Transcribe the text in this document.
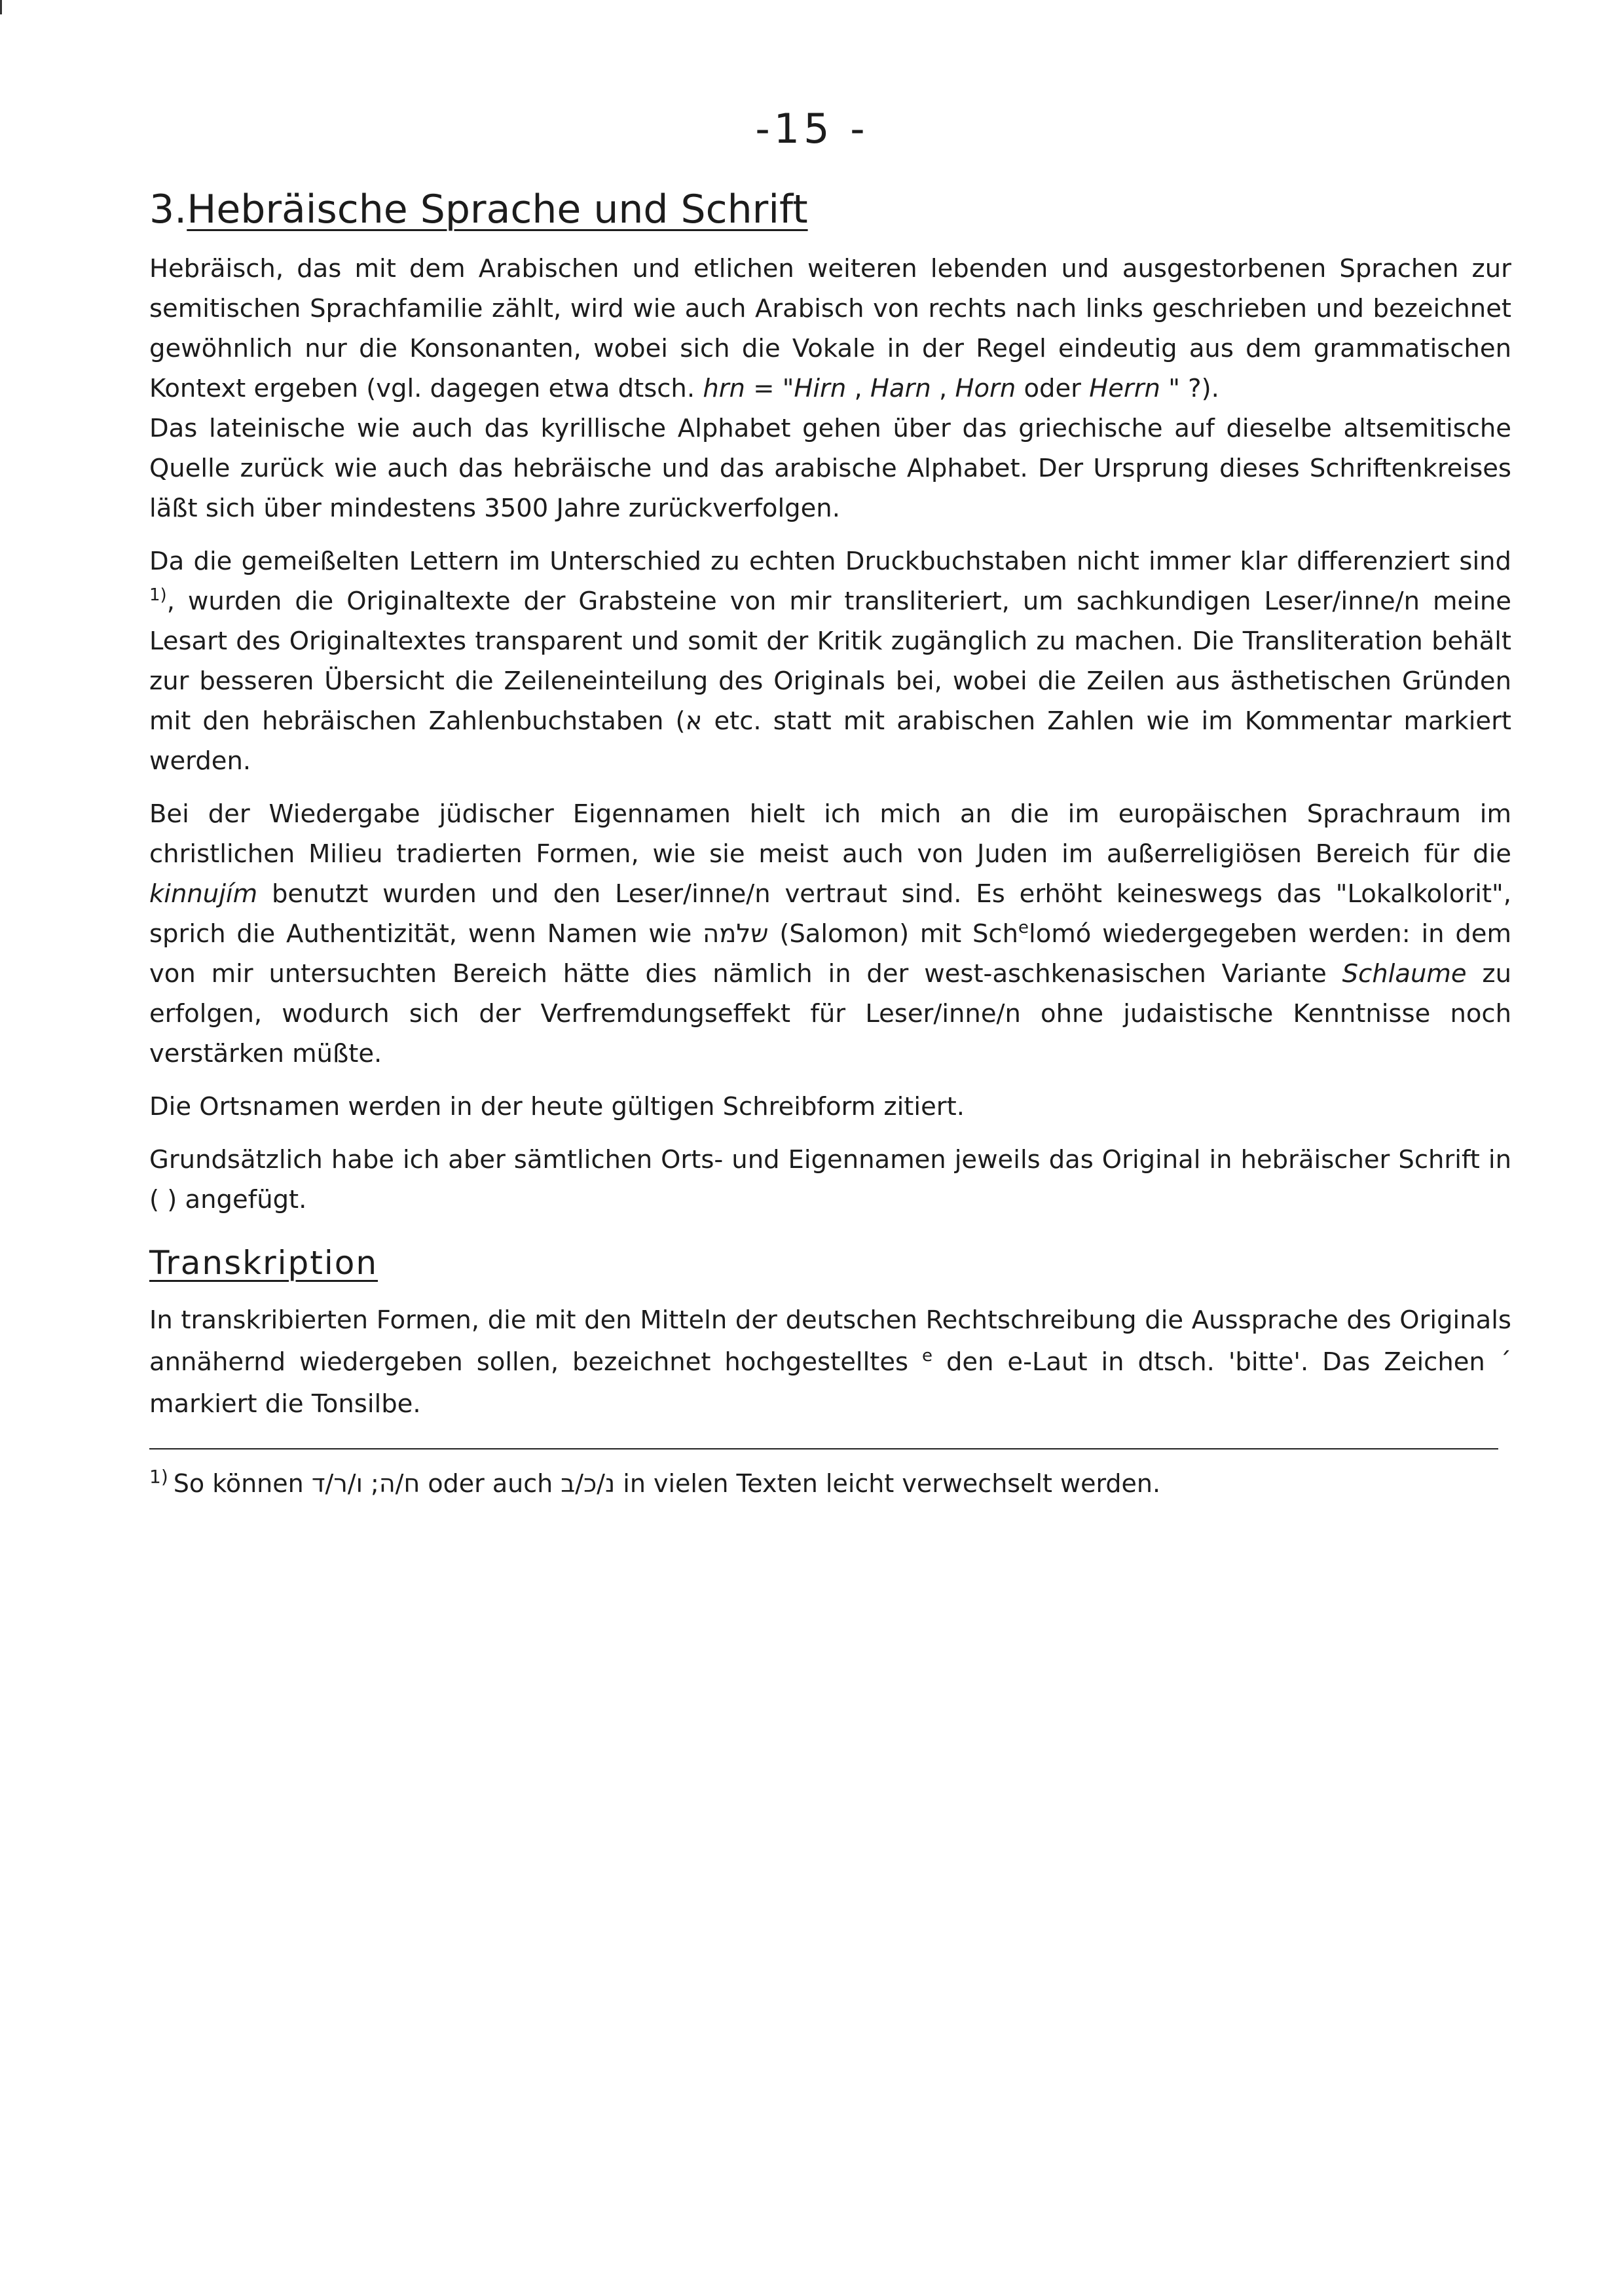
-15 -
3.Hebräische Sprache und Schrift

Hebräisch, das mit dem Arabischen und etlichen weiteren lebenden und ausgestorbenen Sprachen zur semitischen Sprachfamilie zählt, wird wie auch Arabisch von rechts nach links geschrieben und bezeichnet gewöhnlich nur die Konsonanten, wobei sich die Vokale in der Regel eindeutig aus dem grammatischen Kontext ergeben (vgl. dagegen etwa dtsch. hrn = "Hirn , Harn , Horn oder Herrn " ?).
Das lateinische wie auch das kyrillische Alphabet gehen über das griechische auf dieselbe altsemitische Quelle zurück wie auch das hebräische und das arabische Alphabet. Der Ursprung dieses Schriftenkreises läßt sich über mindestens 3500 Jahre zurückverfolgen.

Da die gemeißelten Lettern im Unterschied zu echten Druckbuchstaben nicht immer klar differenziert sind $^{1)}$, wurden die Originaltexte der Grabsteine von mir transliteriert, um sachkundigen Leser/inne/n meine Lesart des Originaltextes transparent und somit der Kritik zugänglich zu machen. Die Transliteration behält zur besseren Übersicht die Zeileneinteilung des Originals bei, wobei die Zeilen aus ästhetischen Gründen mit den hebräischen Zahlenbuchstaben (א etc. statt mit arabischen Zahlen wie im Kommentar markiert werden.

Bei der Wiedergabe jüdischer Eigennamen hielt ich mich an die im europäischen Sprachraum im christlichen Milieu tradierten Formen, wie sie meist auch von Juden im außerreligiösen Bereich für die kinnujím benutzt wurden und den Leser/inne/n vertraut sind. Es erhöht keineswegs das "Lokalkolorit", sprich die Authentizität, wenn Namen wie שלמה (Salomon) mit Sch$^e$lomó wiedergegeben werden: in dem von mir untersuchten Bereich hätte dies nämlich in der west-aschkenasischen Variante Schlaume zu erfolgen, wodurch sich der Verfremdungseffekt für Leser/inne/n ohne judaistische Kenntnisse noch verstärken müßte.

Die Ortsnamen werden in der heute gültigen Schreibform zitiert.

Grundsätzlich habe ich aber sämtlichen Orts- und Eigennamen jeweils das Original in hebräischer Schrift in ( ) angefügt.

Transkription

In transkribierten Formen, die mit den Mitteln der deutschen Rechtschreibung die Aussprache des Originals annähernd wiedergeben sollen, bezeichnet hochgestelltes $^e$ den e-Laut in dtsch. 'bitte'. Das Zeichen ´ markiert die Tonsilbe.

$^{1)}$ So können	ח/ה; ו/ר/ד oder auch נ/כ/ב in vielen Texten leicht verwechselt werden.
